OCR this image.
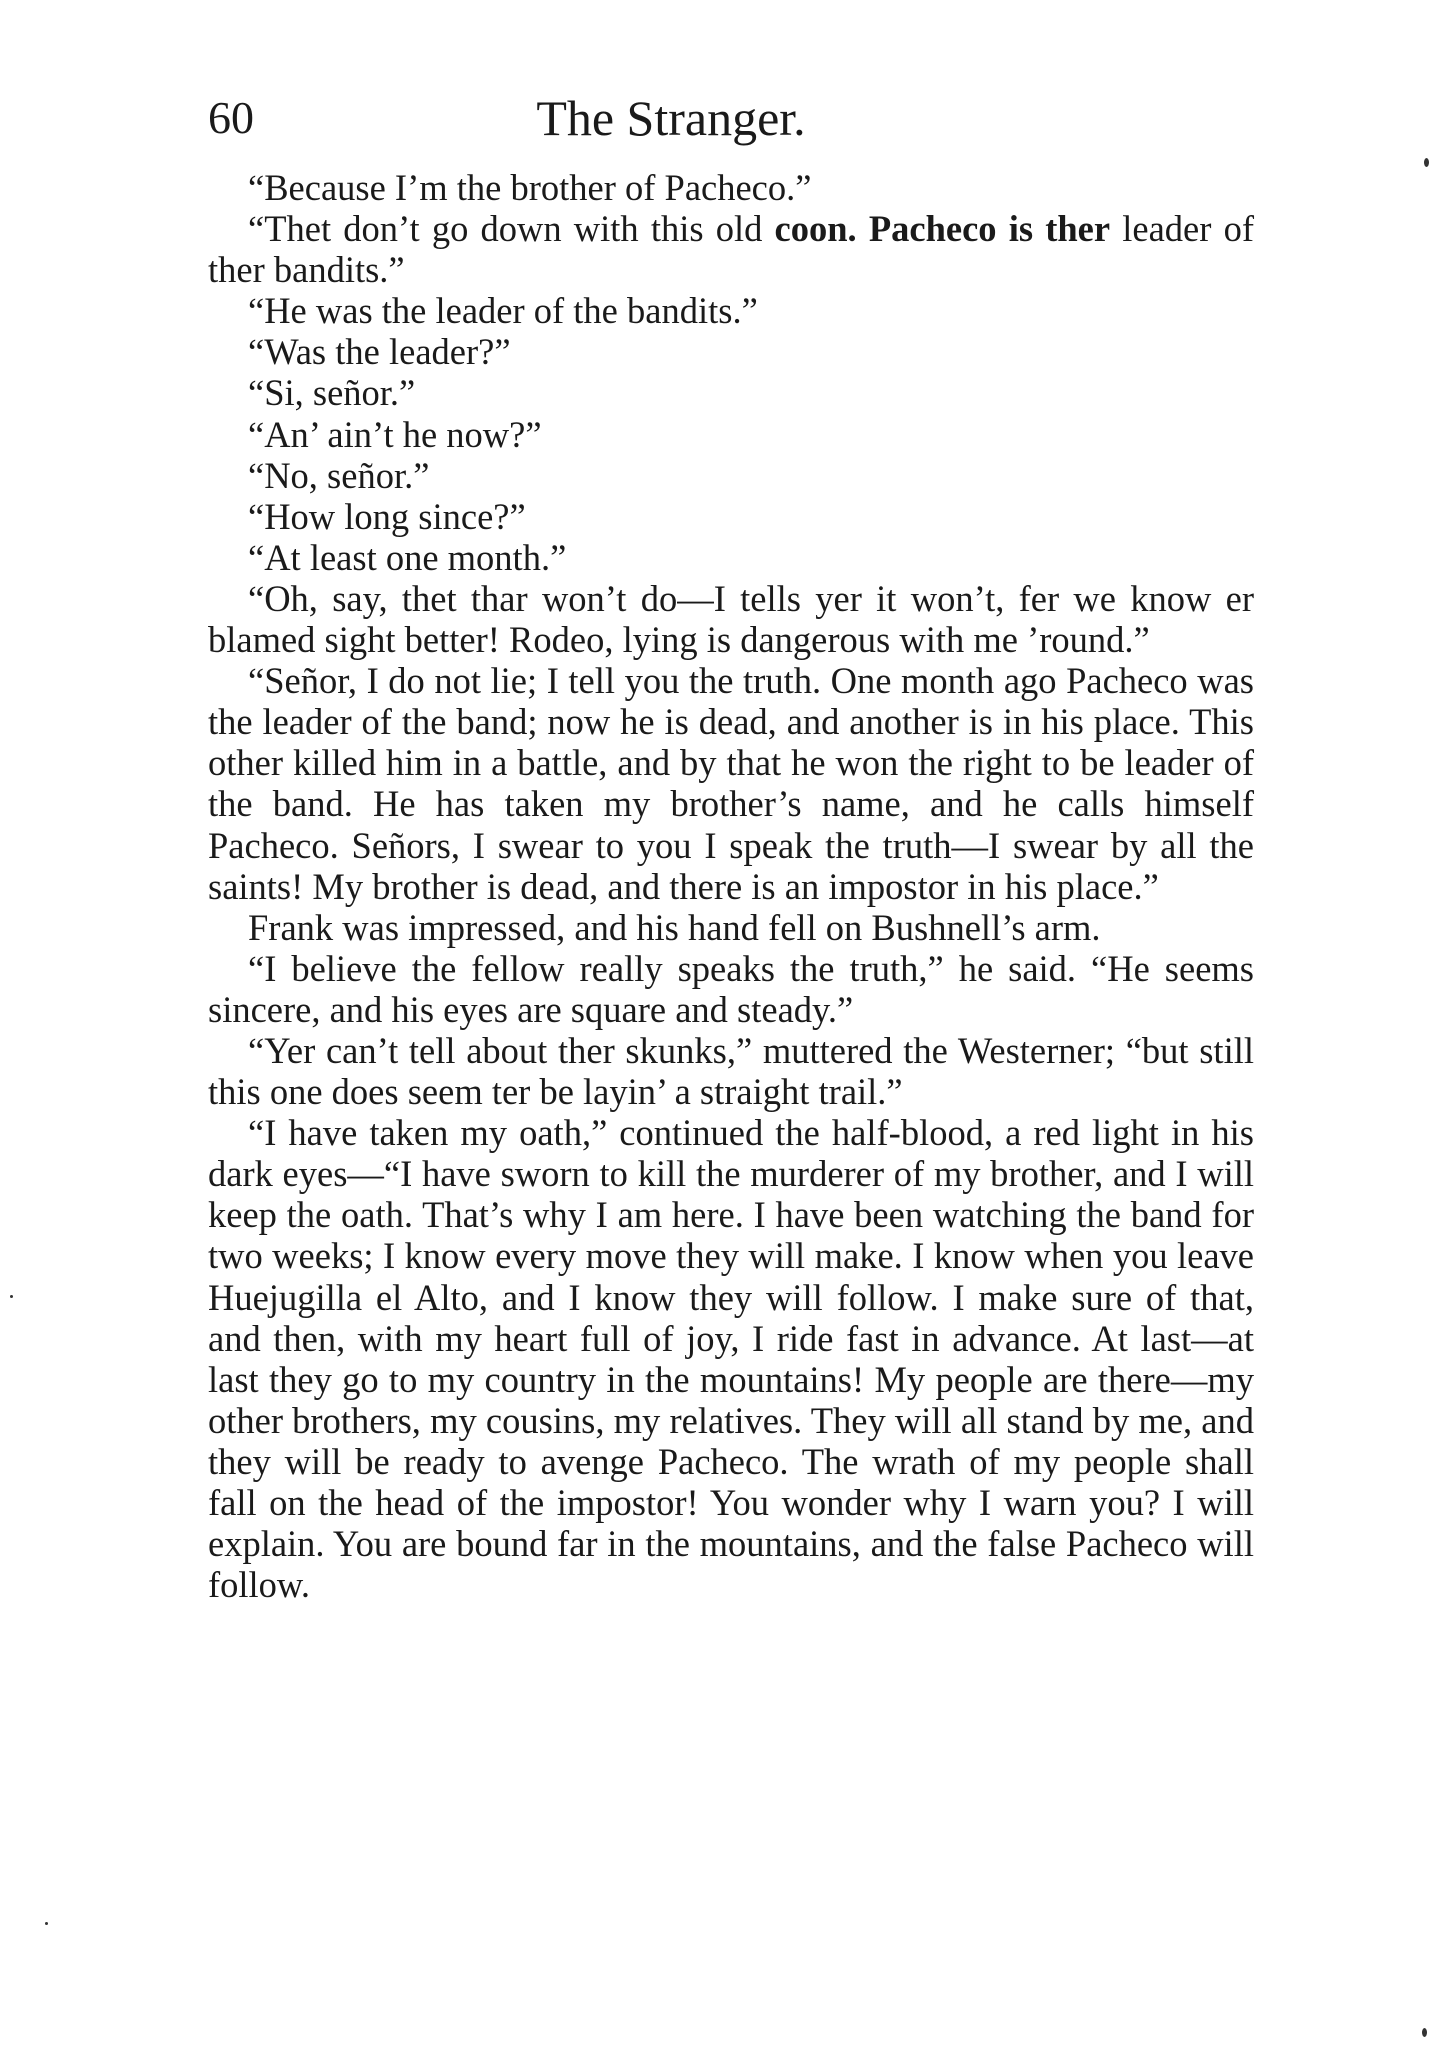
60	The Stranger.

“Because I’m the brother of Pacheco.”

“Thet don’t go down with this old coon. Pacheco is ther leader of ther bandits.”

“He was the leader of the bandits.”

“Was the leader?”

“Si, señor.”

“An’ ain’t he now?”

“No, señor.”

“How long since?”

“At least one month.”

“Oh, say, thet thar won’t do—I tells yer it won’t, fer we know er blamed sight better! Rodeo, lying is dangerous with me ’round.”

“Señor, I do not lie; I tell you the truth. One month ago Pacheco was the leader of the band; now he is dead, and another is in his place. This other killed him in a battle, and by that he won the right to be leader of the band. He has taken my brother’s name, and he calls himself Pacheco. Señors, I swear to you I speak the truth—I swear by all the saints! My brother is dead, and there is an impostor in his place.”

Frank was impressed, and his hand fell on Bushnell’s arm.

“I believe the fellow really speaks the truth,” he said. “He seems sincere, and his eyes are square and steady.”

“Yer can’t tell about ther skunks,” muttered the Westerner; “but still this one does seem ter be layin’ a straight trail.”

“I have taken my oath,” continued the half-blood, a red light in his dark eyes—“I have sworn to kill the murderer of my brother, and I will keep the oath. That’s why I am here. I have been watching the band for two weeks; I know every move they will make. I know when you leave Huejugilla el Alto, and I know they will follow. I make sure of that, and then, with my heart full of joy, I ride fast in advance. At last—at last they go to my country in the mountains! My people are there—my other brothers, my cousins, my relatives. They will all stand by me, and they will be ready to avenge Pacheco. The wrath of my people shall fall on the head of the impostor! You wonder why I warn you? I will explain. You are bound far in the mountains, and the false Pacheco will follow.
